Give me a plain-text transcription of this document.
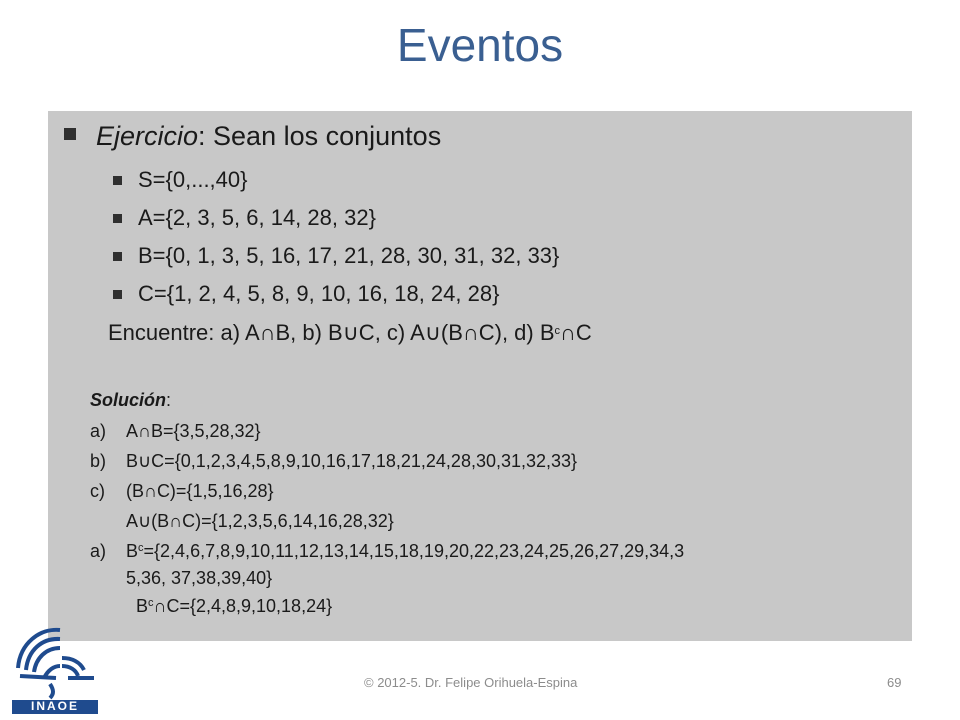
Eventos
Ejercicio: Sean los conjuntos
S={0,...,40}
A={2, 3, 5, 6, 14, 28, 32}
B={0, 1, 3, 5, 16, 17, 21, 28, 30, 31, 32, 33}
C={1, 2, 4, 5, 8, 9, 10, 16, 18, 24, 28}
Encuentre: a) A∩B, b) B∪C, c) A∪(B∩C), d) $B^c\cap C$
Solución:
a) A∩B={3,5,28,32}
b) B∪C={0,1,2,3,4,5,8,9,10,16,17,18,21,24,28,30,31,32,33}
c) (B∩C)={1,5,16,28}
A∪(B∩C)={1,2,3,5,6,14,16,28,32}
a) $B^c=\{2,4,6,7,8,9,10,11,12,13,14,15,18,19,20,22,23,24,25,26,27,29,34,3$
5,36, 37,38,39,40}
$B^c\cap C=\{2,4,8,9,10,18,24\}$
INAOE
© 2012-5. Dr. Felipe Orihuela-Espina	69
